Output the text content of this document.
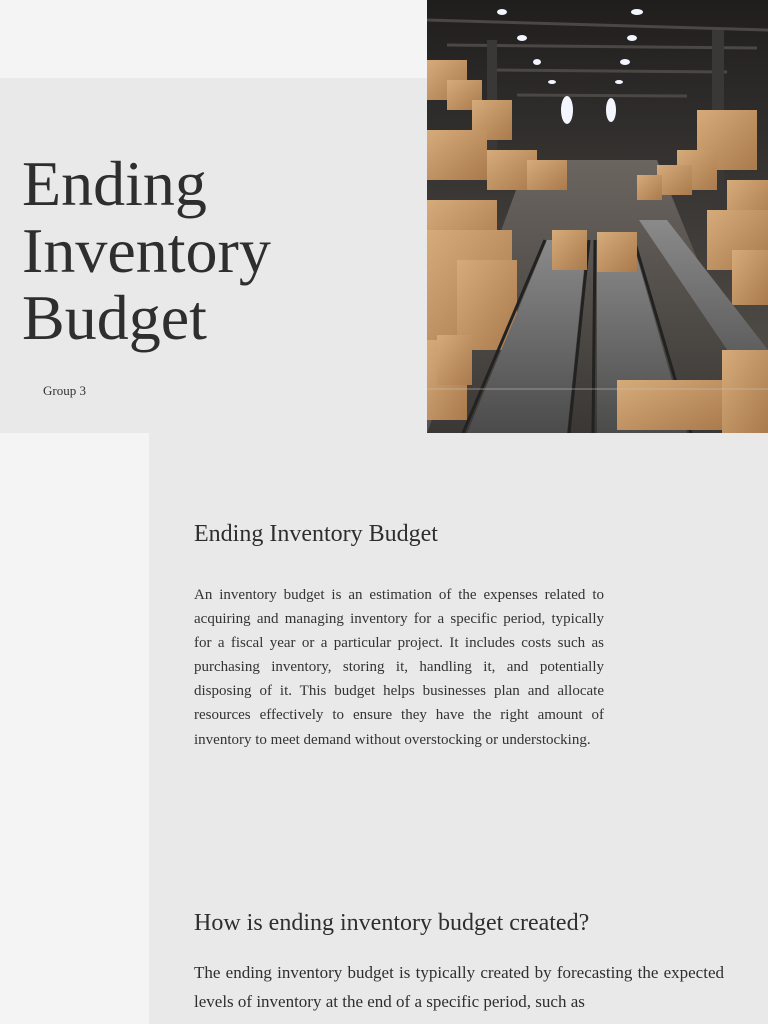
Ending Inventory Budget
Group 3
Ending Inventory Budget

An inventory budget is an estimation of the expenses related to acquiring and managing inventory for a specific period, typically for a fiscal year or a particular project. It includes costs such as purchasing inventory, storing it, handling it, and potentially disposing of it. This budget helps businesses plan and allocate resources effectively to ensure they have the right amount of inventory to meet demand without overstocking or understocking.

How is ending inventory budget created?

The ending inventory budget is typically created by forecasting the expected levels of inventory at the end of a specific period, such as
